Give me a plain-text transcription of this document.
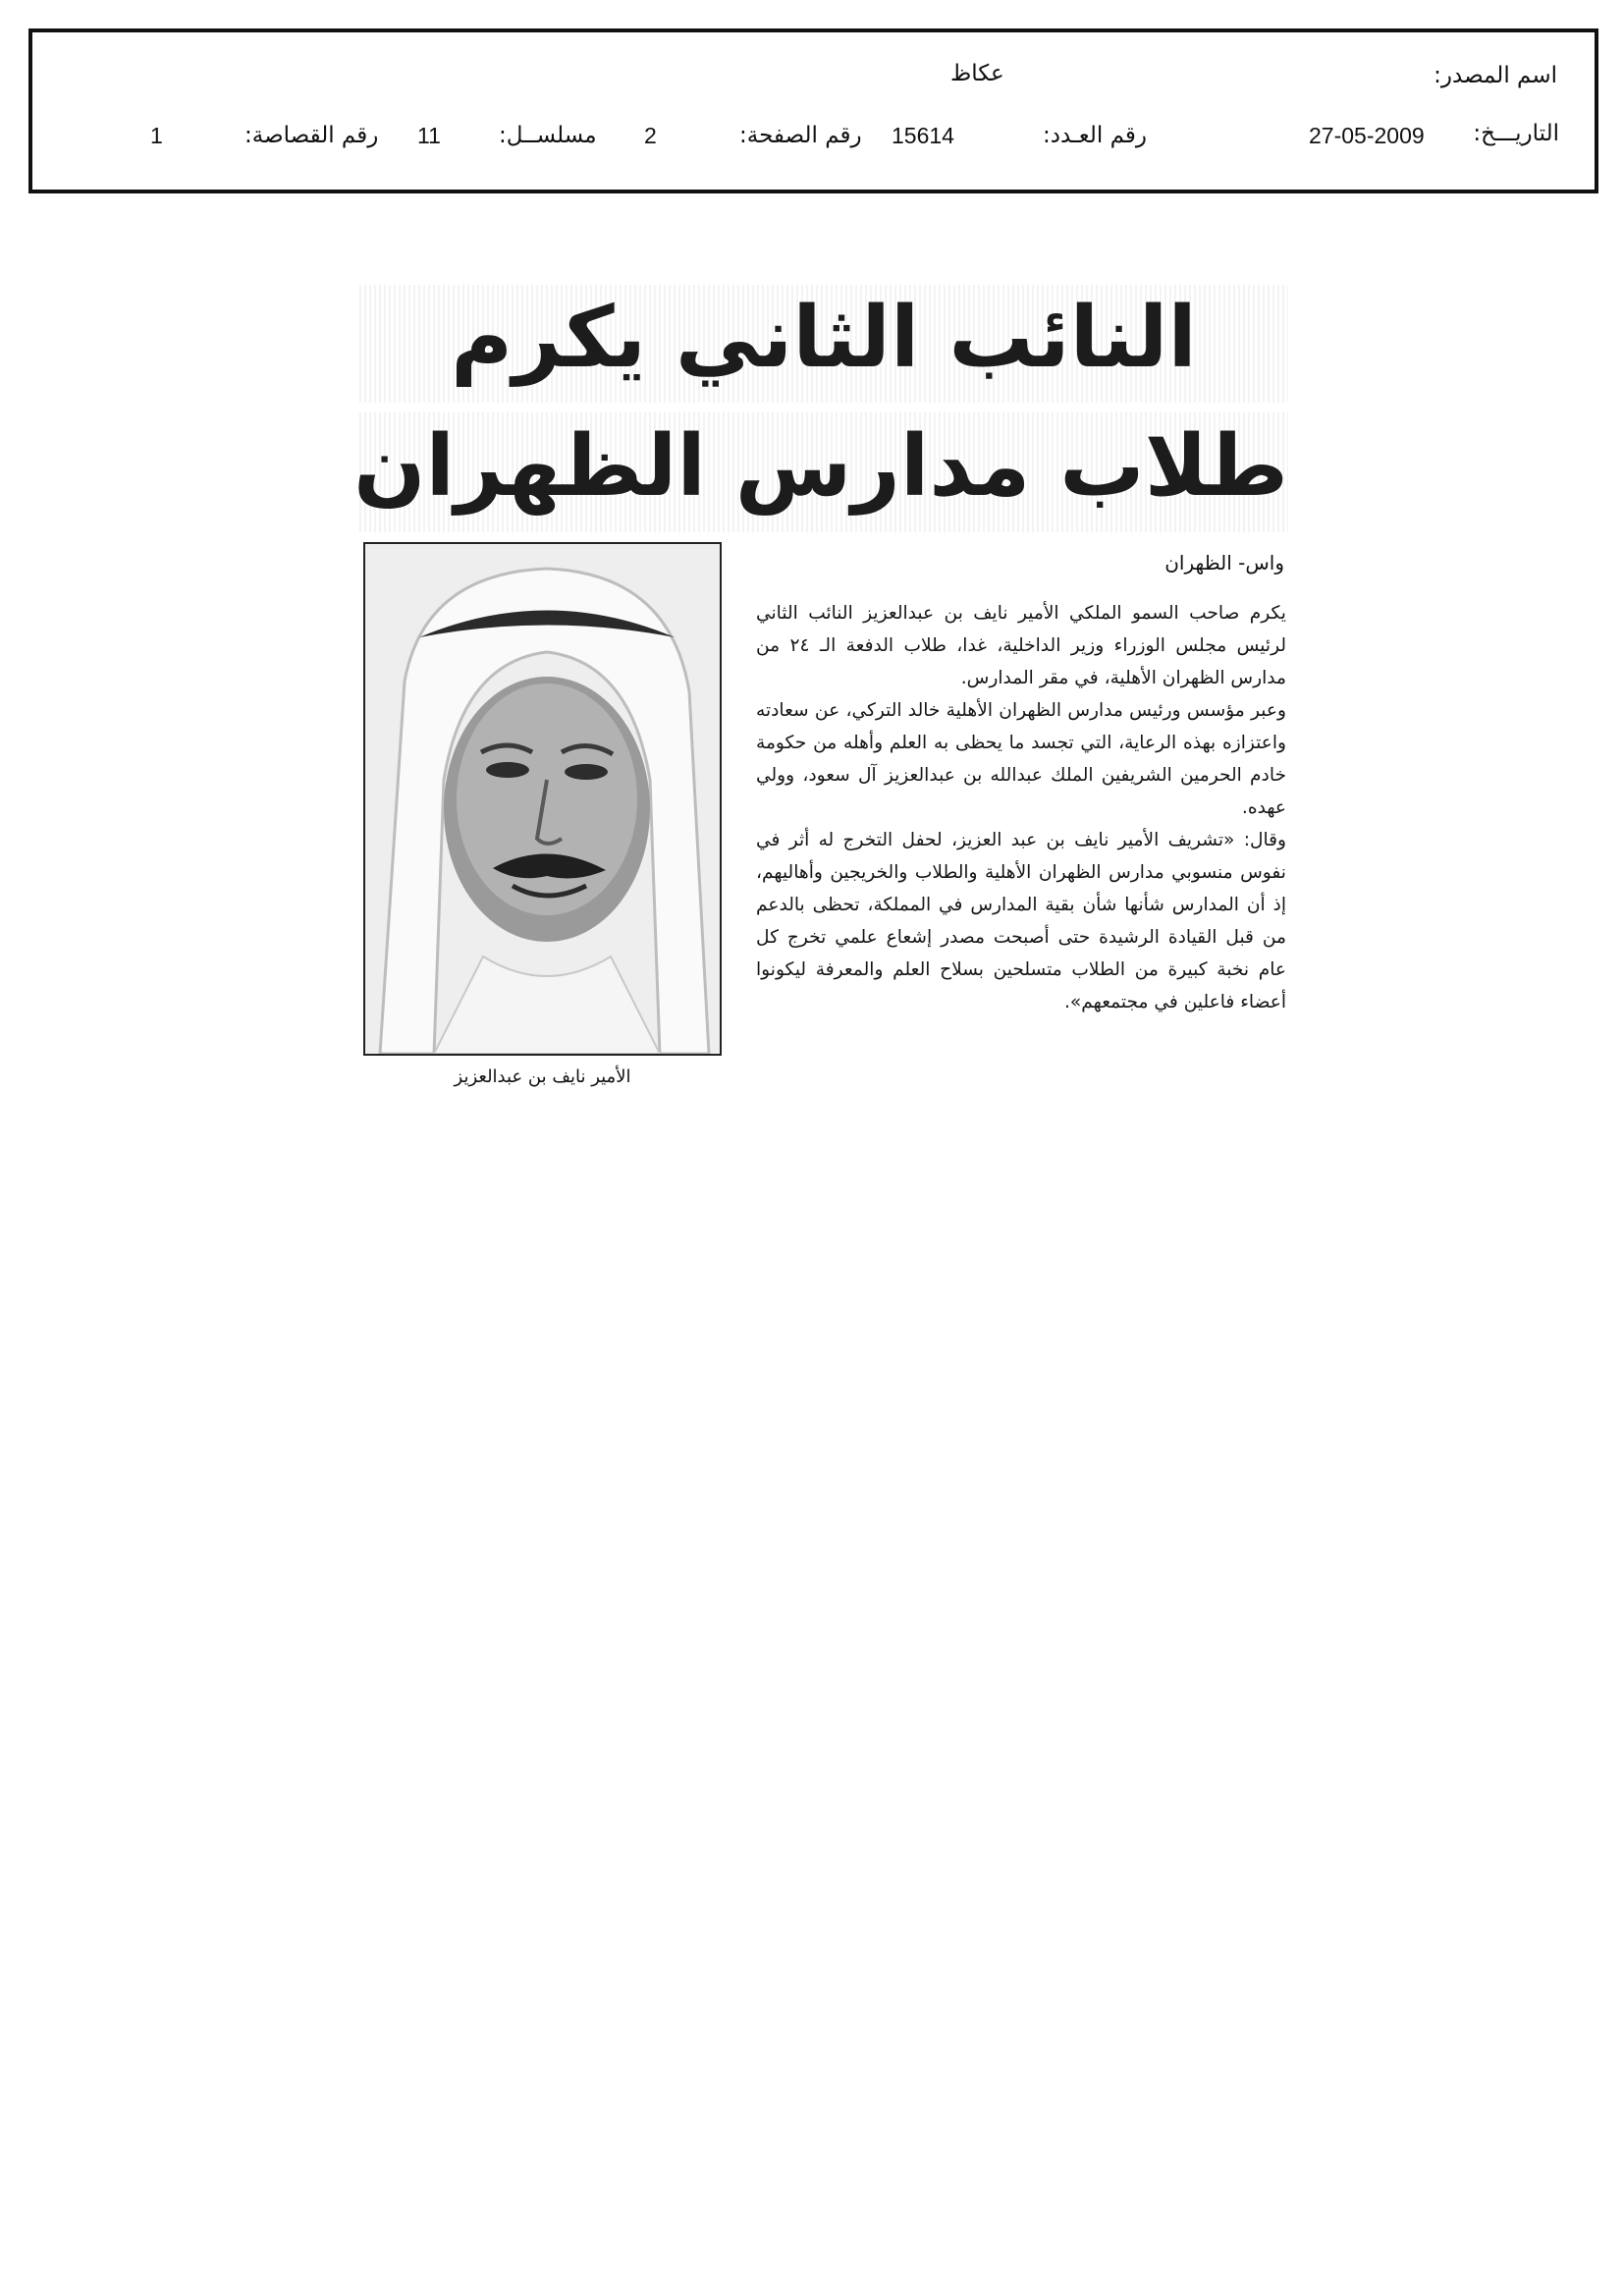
اسم المصدر:
عكاظ
التاريـــخ:
27-05-2009
رقم العـدد:
15614
رقم الصفحة:
2
مسلســل:
11
رقم القصاصة:
1
النائب الثاني يكرم
طلاب مدارس الظهران
الأمير نايف بن عبدالعزيز
واس- الظهران

يكرم صاحب السمو الملكي الأمير نايف بن عبدالعزيز النائب الثاني لرئيس مجلس الوزراء وزير الداخلية، غدا، طلاب الدفعة الـ ٢٤ من مدارس الظهران الأهلية، في مقر المدارس.

وعبر مؤسس ورئيس مدارس الظهران الأهلية خالد التركي، عن سعادته واعتزازه بهذه الرعاية، التي تجسد ما يحظى به العلم وأهله من حكومة خادم الحرمين الشريفين الملك عبدالله بن عبدالعزيز آل سعود، وولي عهده.

وقال: «تشريف الأمير نايف بن عبد العزيز، لحفل التخرج له أثر في نفوس منسوبي مدارس الظهران الأهلية والطلاب والخريجين وأهاليهم، إذ أن المدارس شأنها شأن بقية المدارس في المملكة، تحظى بالدعم من قبل القيادة الرشيدة حتى أصبحت مصدر إشعاع علمي تخرج كل عام نخبة كبيرة من الطلاب متسلحين بسلاح العلم والمعرفة ليكونوا أعضاء فاعلين في مجتمعهم».
